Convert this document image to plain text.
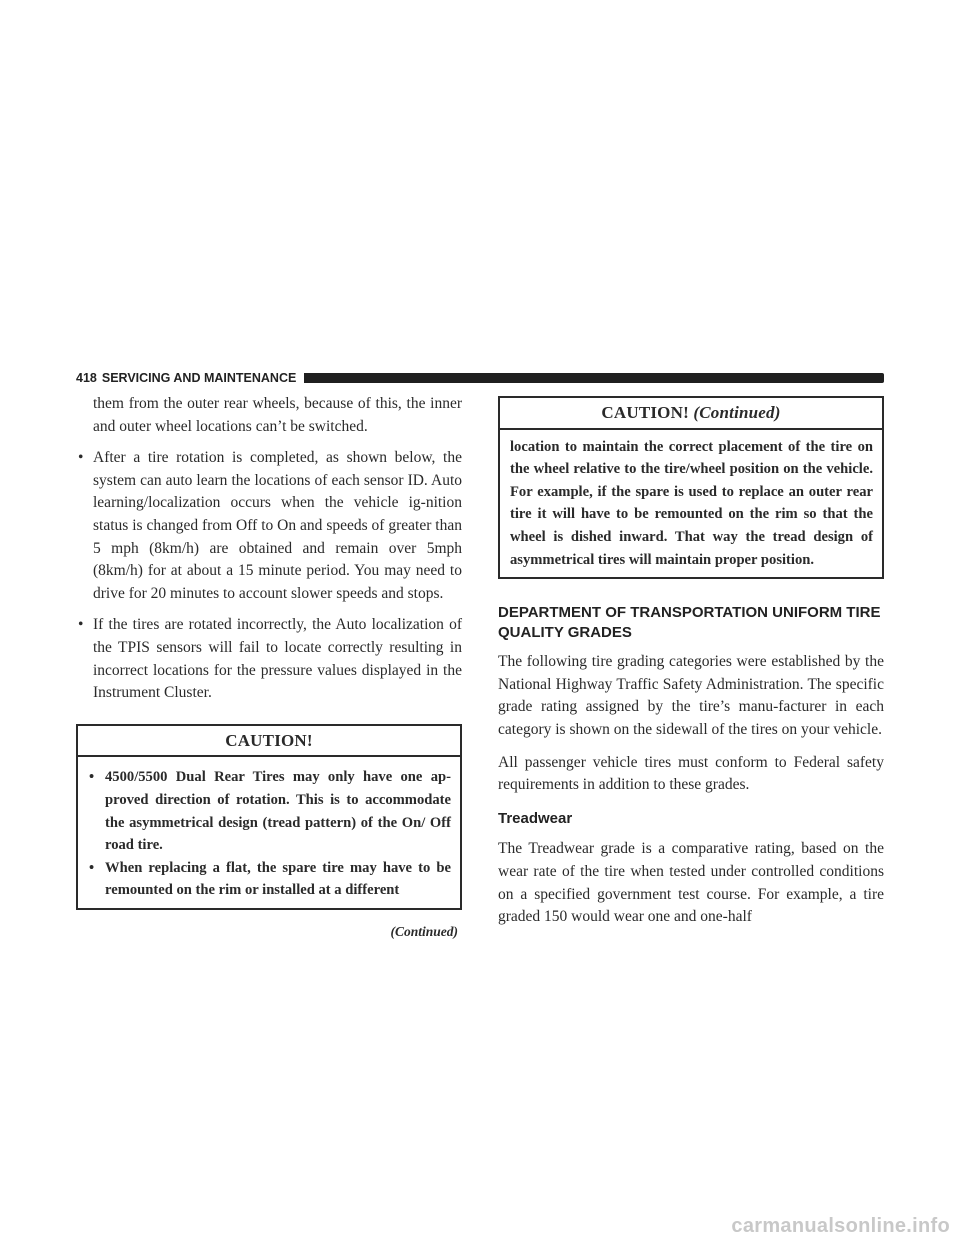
418 SERVICING AND MAINTENANCE

them from the outer rear wheels, because of this, the inner and outer wheel locations can’t be switched.

• After a tire rotation is completed, as shown below, the system can auto learn the locations of each sensor ID. Auto learning/localization occurs when the vehicle ig-nition status is changed from Off to On and speeds of greater than 5 mph (8km/h) are obtained and remain over 5mph (8km/h) for at about a 15 minute period. You may need to drive for 20 minutes to account slower speeds and stops.
• If the tires are rotated incorrectly, the Auto localization of the TPIS sensors will fail to locate correctly resulting in incorrect locations for the pressure values displayed in the Instrument Cluster.
CAUTION!
• 4500/5500 Dual Rear Tires may only have one ap-proved direction of rotation. This is to accommodate the asymmetrical design (tread pattern) of the On/ Off road tire.
• When replacing a flat, the spare tire may have to be remounted on the rim or installed at a different
(Continued)
CAUTION! (Continued)

location to maintain the correct placement of the tire on the wheel relative to the tire/wheel position on the vehicle. For example, if the spare is used to replace an outer rear tire it will have to be remounted on the rim so that the wheel is dished inward. That way the tread design of asymmetrical tires will maintain proper position.

DEPARTMENT OF TRANSPORTATION UNIFORM TIRE QUALITY GRADES

The following tire grading categories were established by the National Highway Traffic Safety Administration. The specific grade rating assigned by the tire’s manu-facturer in each category is shown on the sidewall of the tires on your vehicle.

All passenger vehicle tires must conform to Federal safety requirements in addition to these grades.

Treadwear

The Treadwear grade is a comparative rating, based on the wear rate of the tire when tested under controlled conditions on a specified government test course. For example, a tire graded 150 would wear one and one-half

carmanualsonline.info
